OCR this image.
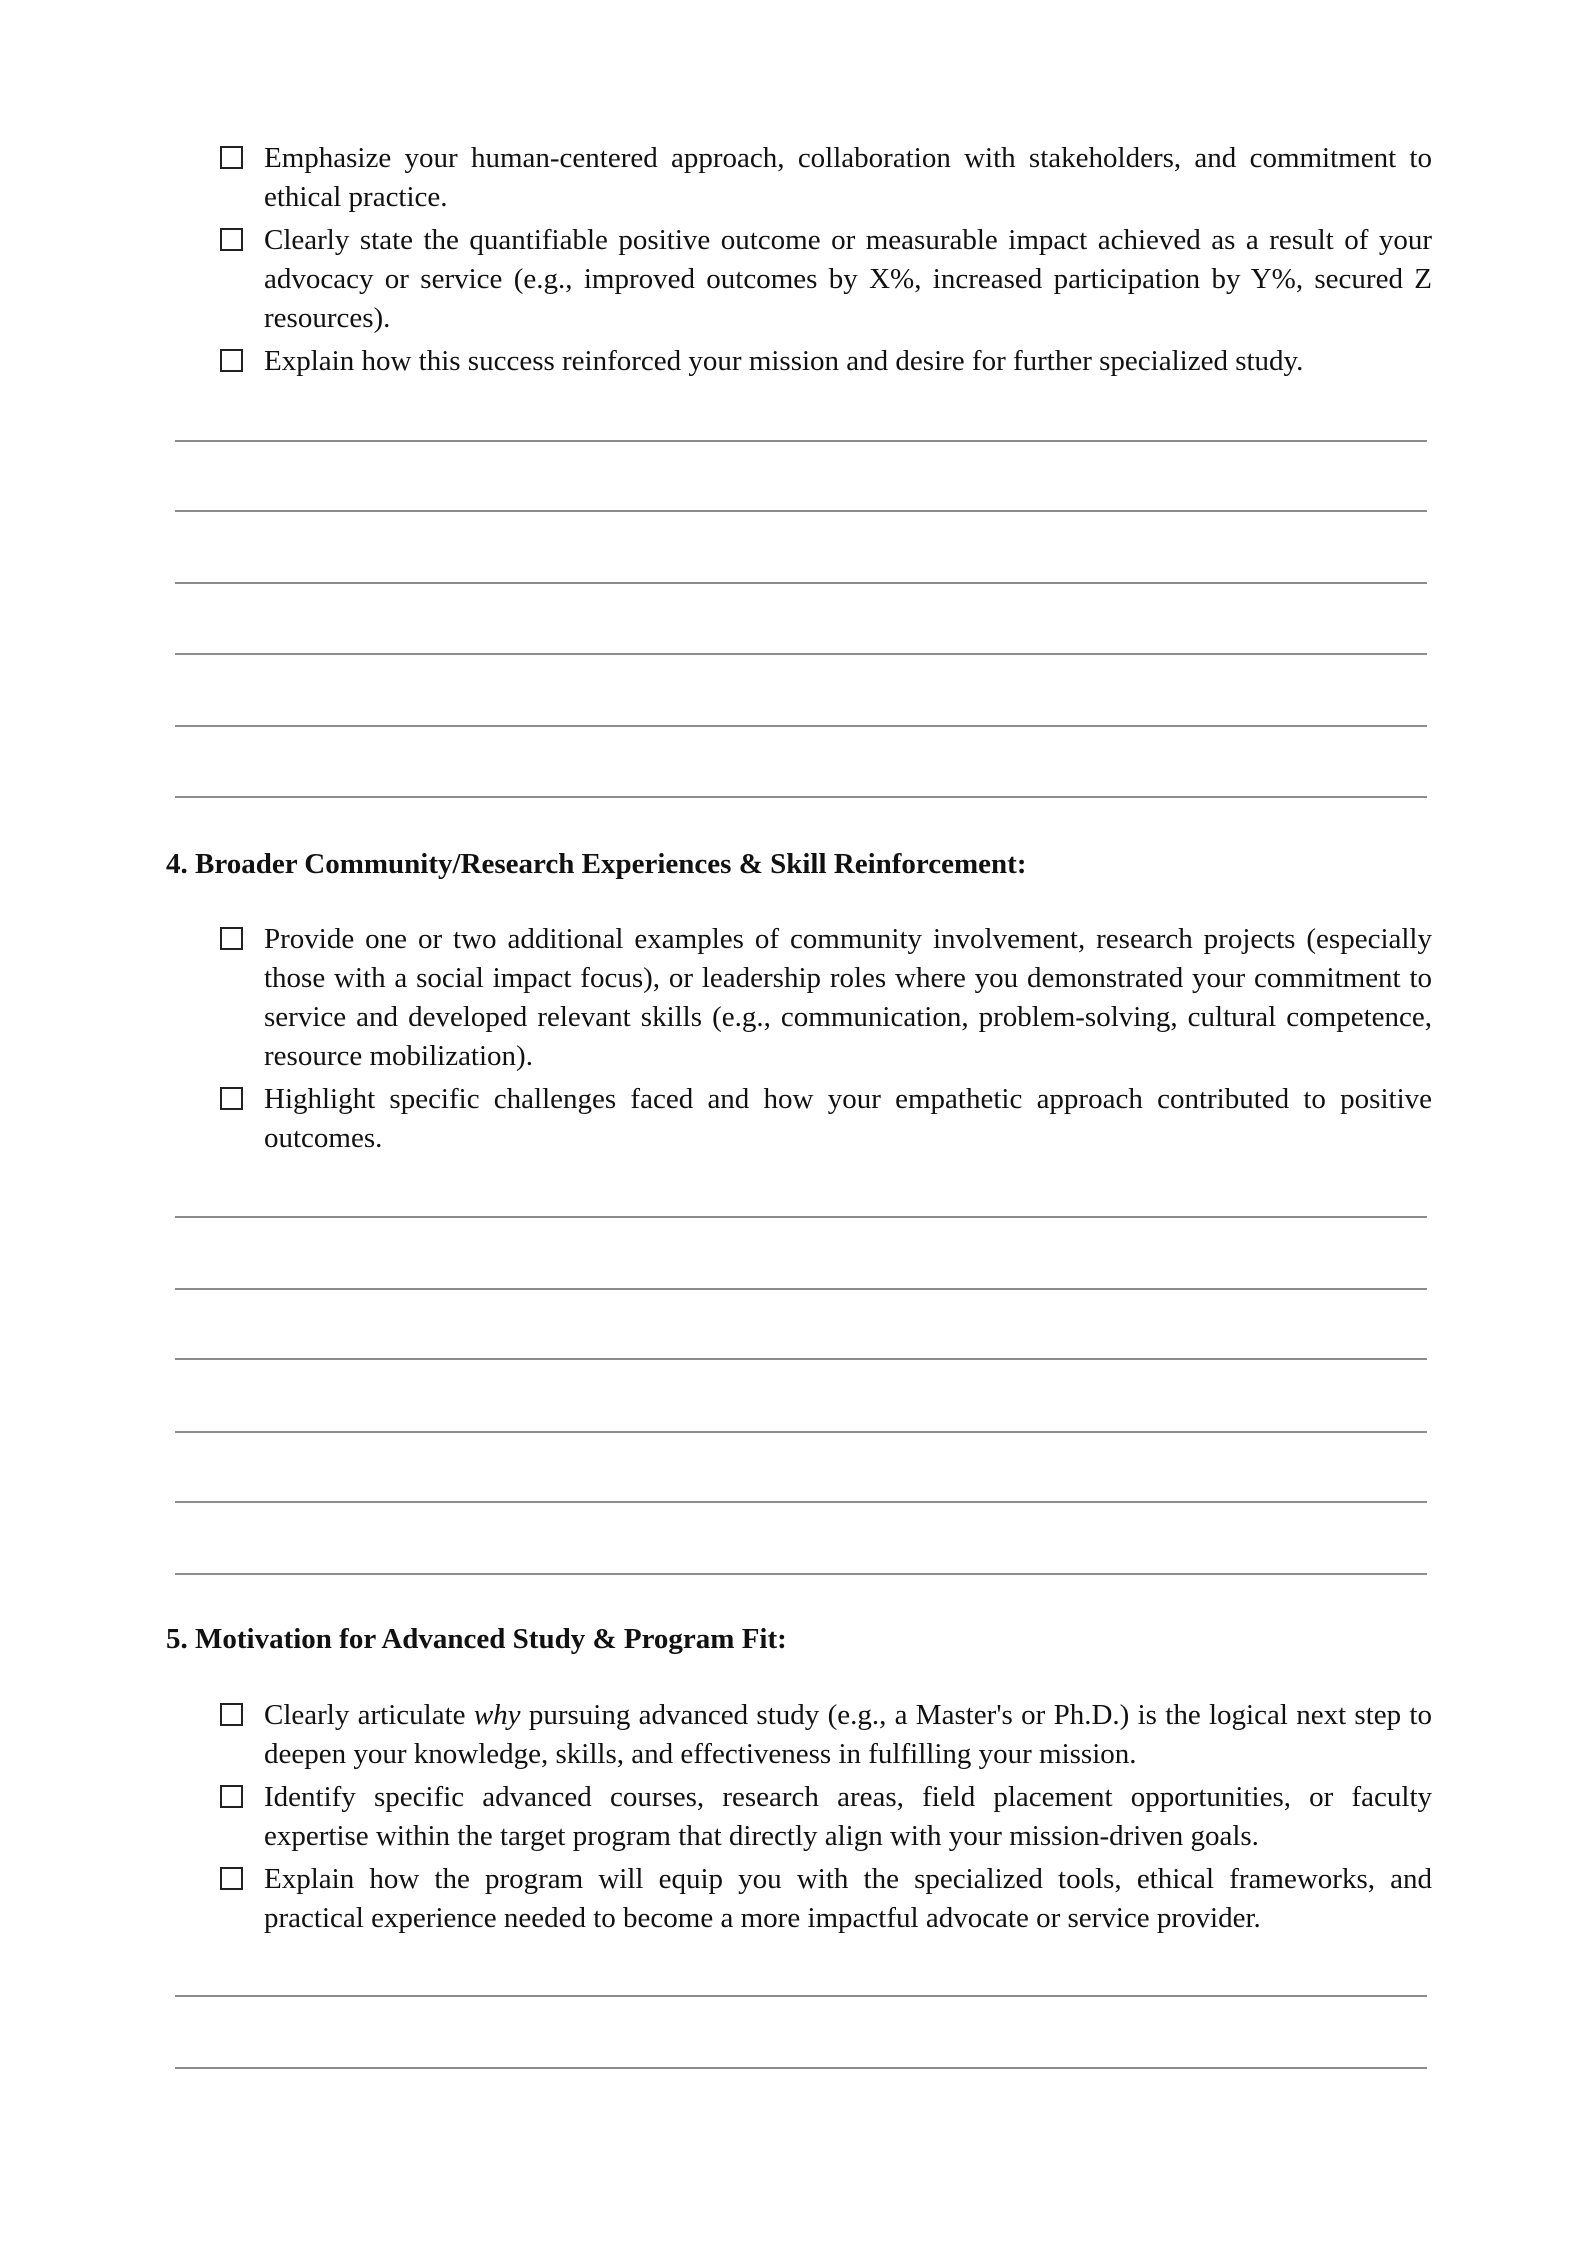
Emphasize your human-centered approach, collaboration with stakeholders, and commitment to ethical practice.
Clearly state the quantifiable positive outcome or measurable impact achieved as a result of your advocacy or service (e.g., improved outcomes by X%, increased participation by Y%, secured Z resources).
Explain how this success reinforced your mission and desire for further specialized study.
4. Broader Community/Research Experiences & Skill Reinforcement:
Provide one or two additional examples of community involvement, research projects (especially those with a social impact focus), or leadership roles where you demonstrated your commitment to service and developed relevant skills (e.g., communication, problem-solving, cultural competence, resource mobilization).
Highlight specific challenges faced and how your empathetic approach contributed to positive outcomes.
5. Motivation for Advanced Study & Program Fit:
Clearly articulate why pursuing advanced study (e.g., a Master's or Ph.D.) is the logical next step to deepen your knowledge, skills, and effectiveness in fulfilling your mission.
Identify specific advanced courses, research areas, field placement opportunities, or faculty expertise within the target program that directly align with your mission-driven goals.
Explain how the program will equip you with the specialized tools, ethical frameworks, and practical experience needed to become a more impactful advocate or service provider.
